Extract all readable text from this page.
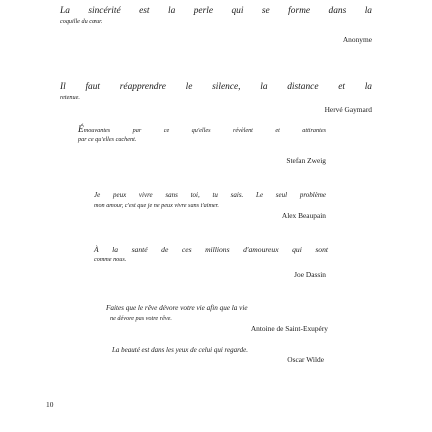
La sincérité est la perle qui se forme dans la
coquille du cœur.

Anonyme

Il faut réapprendre le silence, la distance et la
retenue.

Hervé Gaymard

Émouvantes par ce qu'elles révèlent et attirantes
par ce qu'elles cachent.

Stefan Zweig

Je peux vivre sans toi, tu sais. Le seul problème
mon amour, c'est que je ne peux vivre sans t'aimer.

Alex Beaupain

À la santé de ces millions d'amoureux qui sont
comme nous.

Joe Dassin

Faites que le rêve dévore votre vie afin que la vie
ne dévore pas votre rêve.

Antoine de Saint-Exupéry

La beauté est dans les yeux de celui qui regarde.

Oscar Wilde
10
